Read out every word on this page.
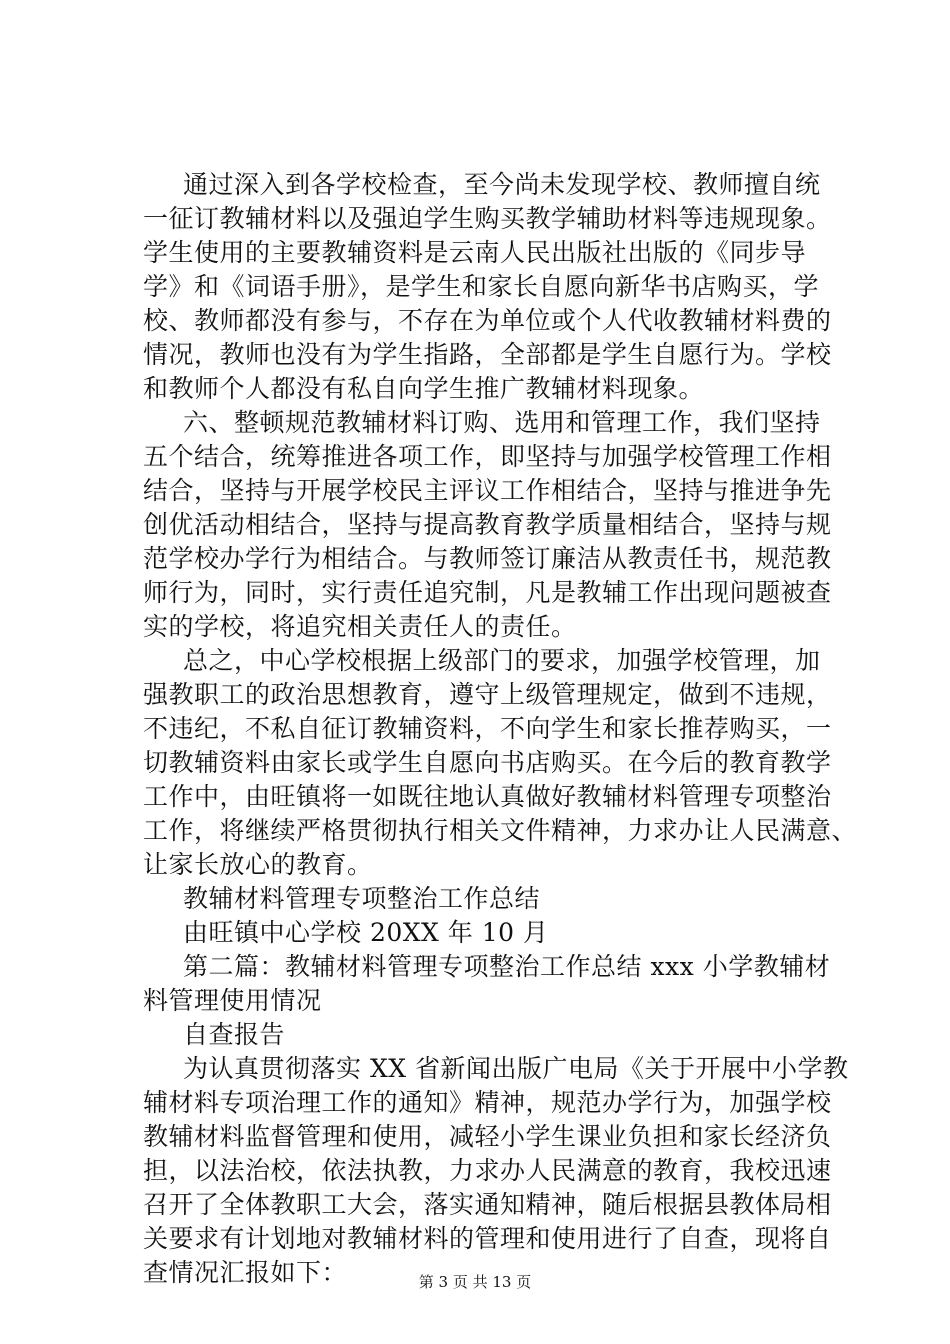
通过深入到各学校检查，至今尚未发现学校、教师擅自统
一征订教辅材料以及强迫学生购买教学辅助材料等违规现象。
学生使用的主要教辅资料是云南人民出版社出版的《同步导
学》和《词语手册》，是学生和家长自愿向新华书店购买，学
校、教师都没有参与，不存在为单位或个人代收教辅材料费的
情况，教师也没有为学生指路，全部都是学生自愿行为。学校
和教师个人都没有私自向学生推广教辅材料现象。
六、整顿规范教辅材料订购、选用和管理工作，我们坚持
五个结合，统筹推进各项工作，即坚持与加强学校管理工作相
结合，坚持与开展学校民主评议工作相结合，坚持与推进争先
创优活动相结合，坚持与提高教育教学质量相结合，坚持与规
范学校办学行为相结合。与教师签订廉洁从教责任书，规范教
师行为，同时，实行责任追究制，凡是教辅工作出现问题被查
实的学校，将追究相关责任人的责任。
总之，中心学校根据上级部门的要求，加强学校管理，加
强教职工的政治思想教育，遵守上级管理规定，做到不违规，
不违纪，不私自征订教辅资料，不向学生和家长推荐购买，一
切教辅资料由家长或学生自愿向书店购买。在今后的教育教学
工作中，由旺镇将一如既往地认真做好教辅材料管理专项整治
工作，将继续严格贯彻执行相关文件精神，力求办让人民满意、
让家长放心的教育。
教辅材料管理专项整治工作总结
由旺镇中心学校 20XX 年 10 月
第二篇：教辅材料管理专项整治工作总结 xxx 小学教辅材
料管理使用情况
自查报告
为认真贯彻落实 XX 省新闻出版广电局《关于开展中小学教
辅材料专项治理工作的通知》精神，规范办学行为，加强学校
教辅材料监督管理和使用，减轻小学生课业负担和家长经济负
担，以法治校，依法执教，力求办人民满意的教育，我校迅速
召开了全体教职工大会，落实通知精神，随后根据县教体局相
关要求有计划地对教辅材料的管理和使用进行了自查，现将自
查情况汇报如下：	第 3 页 共 13 页
